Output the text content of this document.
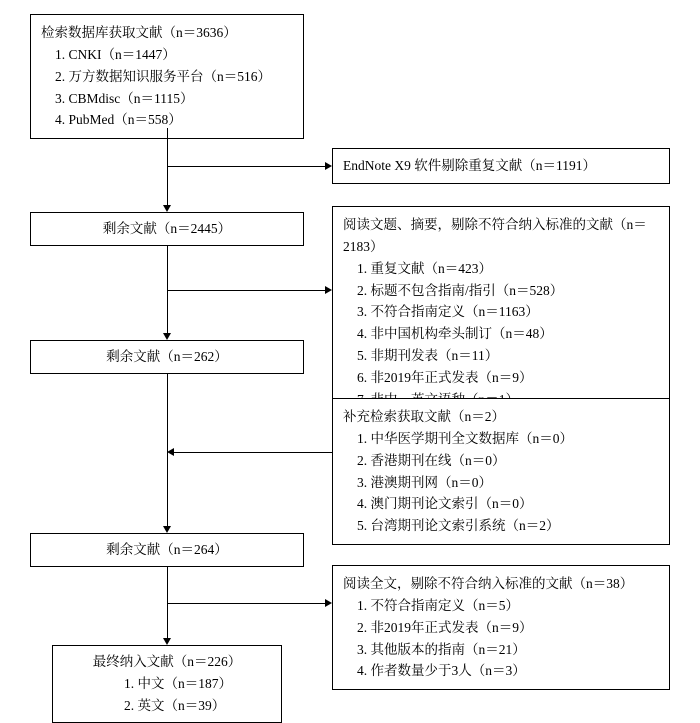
检索数据库获取文献（n＝3636）
1. CNKI（n＝1447）
2. 万方数据知识服务平台（n＝516）
3. CBMdisc（n＝1115）
4. PubMed（n＝558）
EndNote X9 软件剔除重复文献（n＝1191）
剩余文献（n＝2445）	阅读文题、摘要，剔除不符合纳入标准的文献（n＝2183）
1. 重复文献（n＝423）
2. 标题不包含指南/指引（n＝528）
3. 不符合指南定义（n＝1163）
4. 非中国机构牵头制订（n＝48）
5. 非期刊发表（n＝11）
6. 非2019年正式发表（n＝9）
剩余文献（n＝262）
补充检索获取文献（n＝2）
1. 中华医学期刊全文数据库（n＝0）
2. 香港期刊在线（n＝0）
3. 港澳期刊网（n＝0）
4. 澳门期刊论文索引（n＝0）
5. 台湾期刊论文索引系统（n＝2）
剩余文献（n＝264）
阅读全文，剔除不符合纳入标准的文献（n＝38）
1. 不符合指南定义（n＝5）
2. 非2019年正式发表（n＝9）
3. 其他版本的指南（n＝21）
4. 作者数量少于3人（n＝3）
最终纳入文献（n＝226）
1. 中文（n＝187）
2. 英文（n＝39）
